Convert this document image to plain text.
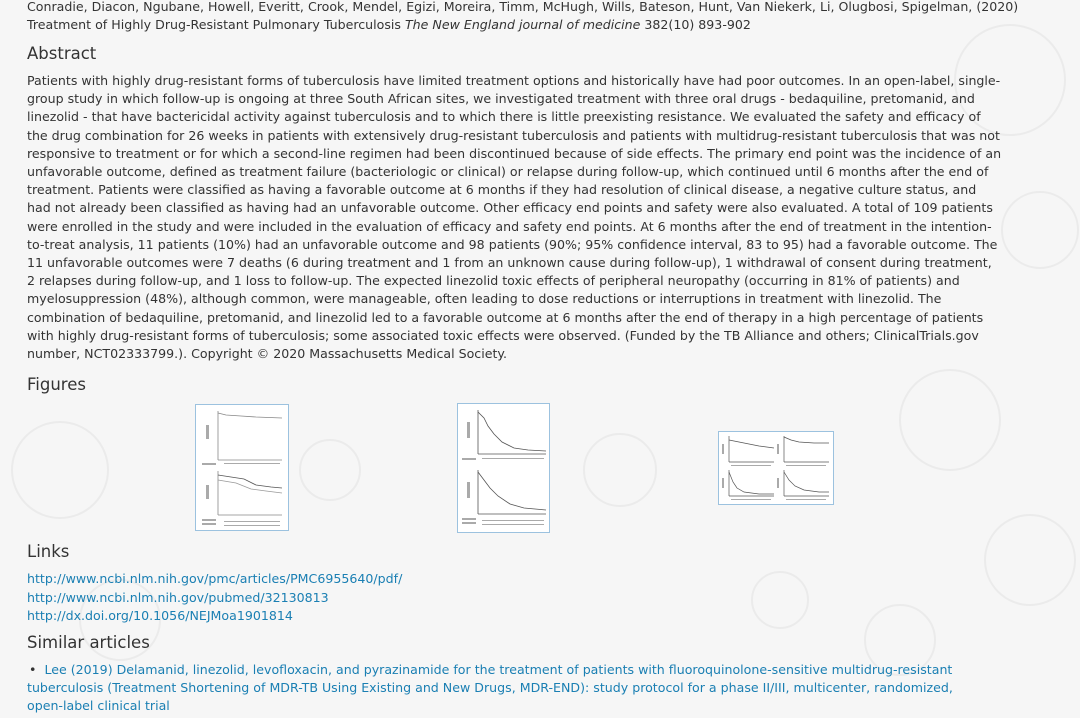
Conradie, Diacon, Ngubane, Howell, Everitt, Crook, Mendel, Egizi, Moreira, Timm, McHugh, Wills, Bateson, Hunt, Van Niekerk, Li, Olugbosi, Spigelman, (2020)
Treatment of Highly Drug-Resistant Pulmonary Tuberculosis The New England journal of medicine 382(10) 893-902
Abstract

Patients with highly drug-resistant forms of tuberculosis have limited treatment options and historically have had poor outcomes. In an open-label, single-group study in which follow-up is ongoing at three South African sites, we investigated treatment with three oral drugs - bedaquiline, pretomanid, and linezolid - that have bactericidal activity against tuberculosis and to which there is little preexisting resistance. We evaluated the safety and efficacy of the drug combination for 26 weeks in patients with extensively drug-resistant tuberculosis and patients with multidrug-resistant tuberculosis that was not responsive to treatment or for which a second-line regimen had been discontinued because of side effects. The primary end point was the incidence of an unfavorable outcome, defined as treatment failure (bacteriologic or clinical) or relapse during follow-up, which continued until 6 months after the end of treatment. Patients were classified as having a favorable outcome at 6 months if they had resolution of clinical disease, a negative culture status, and had not already been classified as having had an unfavorable outcome. Other efficacy end points and safety were also evaluated. A total of 109 patients were enrolled in the study and were included in the evaluation of efficacy and safety end points. At 6 months after the end of treatment in the intention-to-treat analysis, 11 patients (10%) had an unfavorable outcome and 98 patients (90%; 95% confidence interval, 83 to 95) had a favorable outcome. The 11 unfavorable outcomes were 7 deaths (6 during treatment and 1 from an unknown cause during follow-up), 1 withdrawal of consent during treatment, 2 relapses during follow-up, and 1 loss to follow-up. The expected linezolid toxic effects of peripheral neuropathy (occurring in 81% of patients) and myelosuppression (48%), although common, were manageable, often leading to dose reductions or interruptions in treatment with linezolid. The combination of bedaquiline, pretomanid, and linezolid led to a favorable outcome at 6 months after the end of therapy in a high percentage of patients with highly drug-resistant forms of tuberculosis; some associated toxic effects were observed. (Funded by the TB Alliance and others; ClinicalTrials.gov number, NCT02333799.). Copyright © 2020 Massachusetts Medical Society.

Figures
Links
http://www.ncbi.nlm.nih.gov/pmc/articles/PMC6955640/pdf/
http://www.ncbi.nlm.nih.gov/pubmed/32130813
http://dx.doi.org/10.1056/NEJMoa1901814
Similar articles
• Lee (2019) Delamanid, linezolid, levofloxacin, and pyrazinamide for the treatment of patients with fluoroquinolone-sensitive multidrug-resistant tuberculosis (Treatment Shortening of MDR-TB Using Existing and New Drugs, MDR-END): study protocol for a phase II/III, multicenter, randomized, open-label clinical trial
